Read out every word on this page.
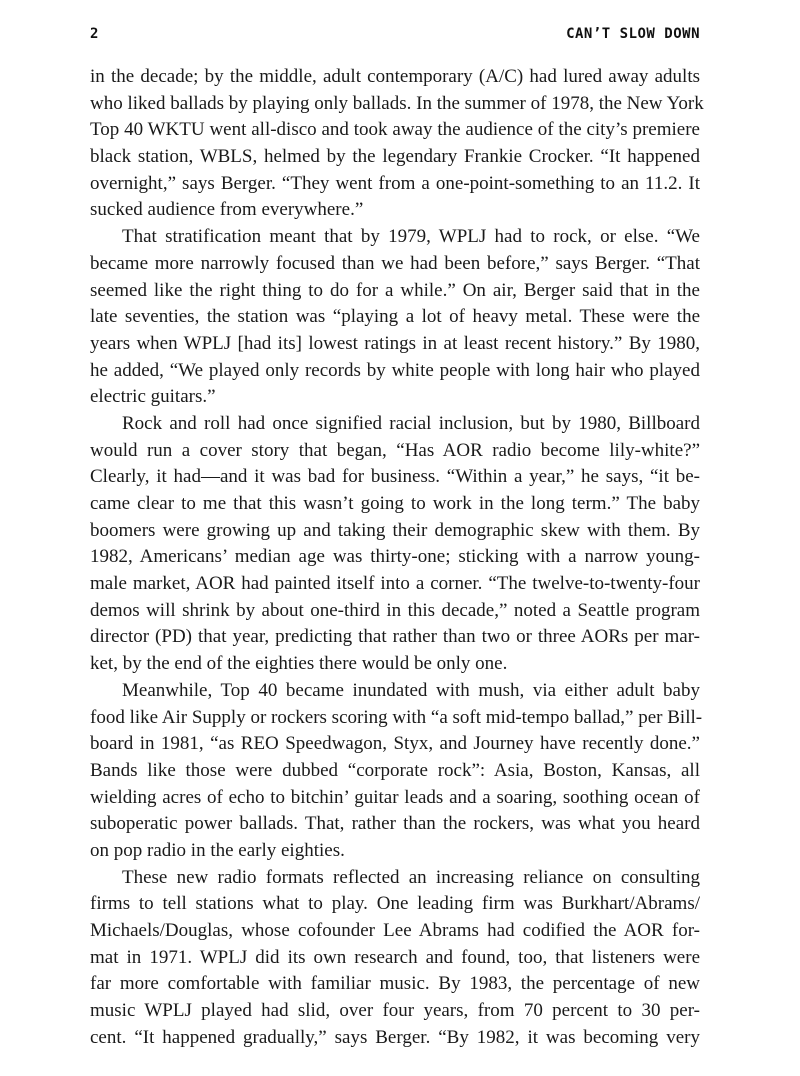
2	CAN’T SLOW DOWN
in the decade; by the middle, adult contemporary (A/C) had lured away adults
who liked ballads by playing only ballads. In the summer of 1978, the New York
Top 40 WKTU went all-disco and took away the audience of the city’s premiere
black station, WBLS, helmed by the legendary Frankie Crocker. “It happened
overnight,” says Berger. “They went from a one-point-something to an 11.2. It
sucked audience from everywhere.”
That stratification meant that by 1979, WPLJ had to rock, or else. “We
became more narrowly focused than we had been before,” says Berger. “That
seemed like the right thing to do for a while.” On air, Berger said that in the
late seventies, the station was “playing a lot of heavy metal. These were the
years when WPLJ [had its] lowest ratings in at least recent history.” By 1980,
he added, “We played only records by white people with long hair who played
electric guitars.”
Rock and roll had once signified racial inclusion, but by 1980, Billboard
would run a cover story that began, “Has AOR radio become lily-white?”
Clearly, it had—and it was bad for business. “Within a year,” he says, “it be-
came clear to me that this wasn’t going to work in the long term.” The baby
boomers were growing up and taking their demographic skew with them. By
1982, Americans’ median age was thirty-one; sticking with a narrow young-
male market, AOR had painted itself into a corner. “The twelve-to-twenty-four
demos will shrink by about one-third in this decade,” noted a Seattle program
director (PD) that year, predicting that rather than two or three AORs per mar-
ket, by the end of the eighties there would be only one.
Meanwhile, Top 40 became inundated with mush, via either adult baby
food like Air Supply or rockers scoring with “a soft mid-tempo ballad,” per Bill-
board in 1981, “as REO Speedwagon, Styx, and Journey have recently done.”
Bands like those were dubbed “corporate rock”: Asia, Boston, Kansas, all
wielding acres of echo to bitchin’ guitar leads and a soaring, soothing ocean of
suboperatic power ballads. That, rather than the rockers, was what you heard
on pop radio in the early eighties.
These new radio formats reflected an increasing reliance on consulting
firms to tell stations what to play. One leading firm was Burkhart/Abrams/
Michaels/Douglas, whose cofounder Lee Abrams had codified the AOR for-
mat in 1971. WPLJ did its own research and found, too, that listeners were
far more comfortable with familiar music. By 1983, the percentage of new
music WPLJ played had slid, over four years, from 70 percent to 30 per-
cent. “It happened gradually,” says Berger. “By 1982, it was becoming very
